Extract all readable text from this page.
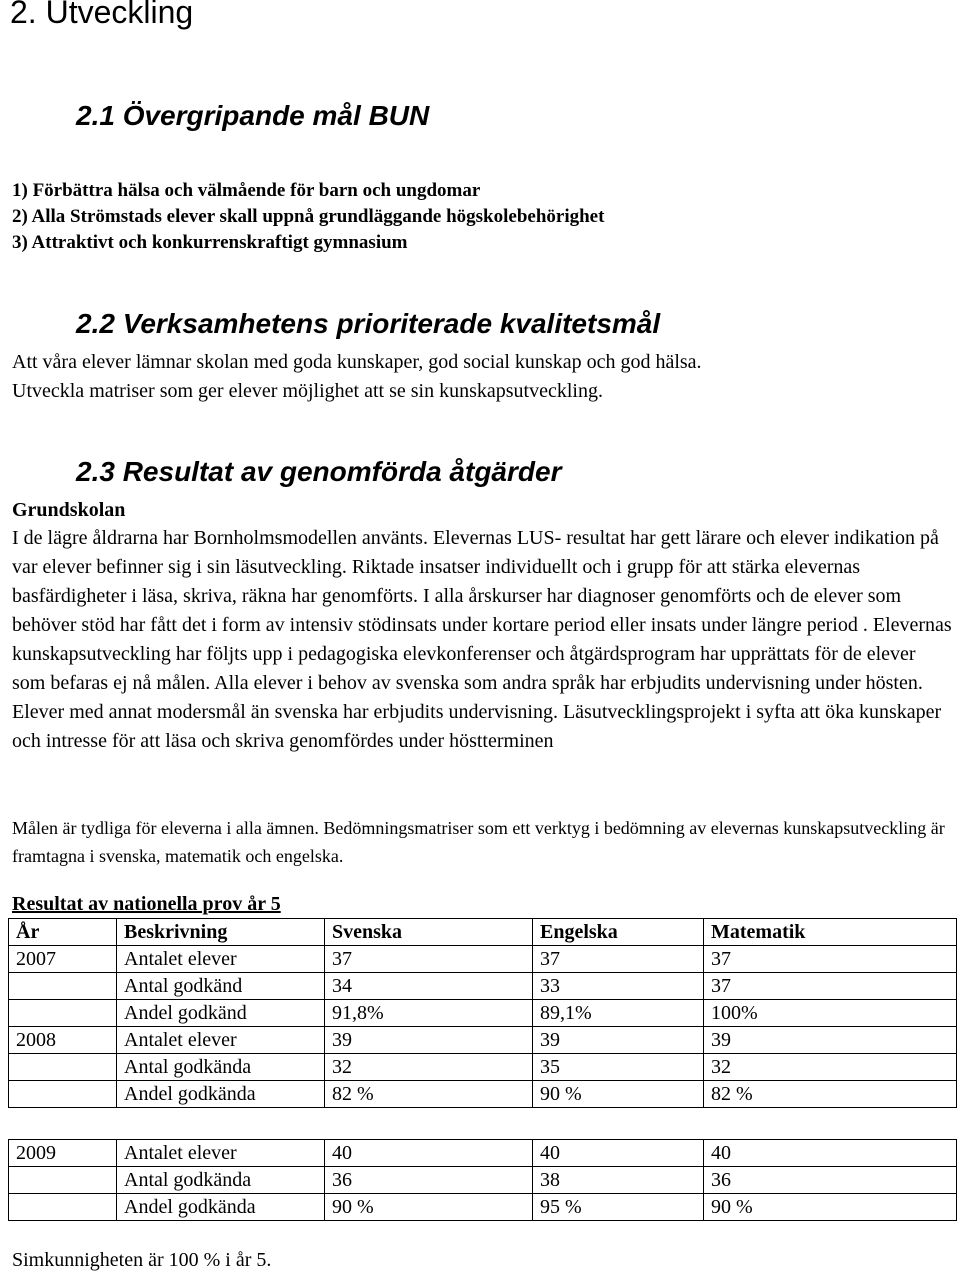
2. Utveckling
2.1 Övergripande mål BUN
1) Förbättra hälsa och välmående för barn och ungdomar
2) Alla Strömstads elever skall uppnå grundläggande högskolebehörighet
3) Attraktivt och konkurrenskraftigt gymnasium
2.2 Verksamhetens prioriterade kvalitetsmål
Att våra elever lämnar skolan med goda kunskaper, god social kunskap och god hälsa.
Utveckla matriser som ger elever möjlighet att se sin kunskapsutveckling.
2.3 Resultat av genomförda åtgärder
Grundskolan
I de lägre åldrarna har Bornholmsmodellen använts. Elevernas LUS- resultat har gett lärare och elever indikation på var elever befinner sig i sin läsutveckling. Riktade insatser individuellt och i grupp för att stärka elevernas basfärdigheter i läsa, skriva, räkna har genomförts. I alla årskurser har diagnoser genomförts och de elever som behöver stöd har fått det i form av intensiv stödinsats under kortare period eller insats under längre period . Elevernas kunskapsutveckling har följts upp i pedagogiska elevkonferenser och åtgärdsprogram har upprättats för de elever som befaras ej nå målen. Alla elever i behov av svenska som andra språk har erbjudits undervisning under hösten. Elever med annat modersmål än svenska har erbjudits undervisning. Läsutvecklingsprojekt i syfta att öka kunskaper och intresse för att läsa och skriva genomfördes under höstterminen
Målen är tydliga för eleverna i alla ämnen. Bedömningsmatriser som ett verktyg i bedömning av elevernas kunskapsutveckling är framtagna i svenska, matematik och engelska.
Resultat av nationella prov år 5
År	Beskrivning	Svenska	Engelska	Matematik
2007	Antalet elever	37	37	37
	Antal godkänd	34	33	37
	Andel godkänd	91,8%	89,1%	100%
2008	Antalet elever	39	39	39
	Antal godkända	32	35	32
	Andel godkända	82 %	90 %	82 %
2009	Antalet elever	40	40	40
	Antal godkända	36	38	36
	Andel godkända	90 %	95 %	90 %
Simkunnigheten är 100 % i år 5.
